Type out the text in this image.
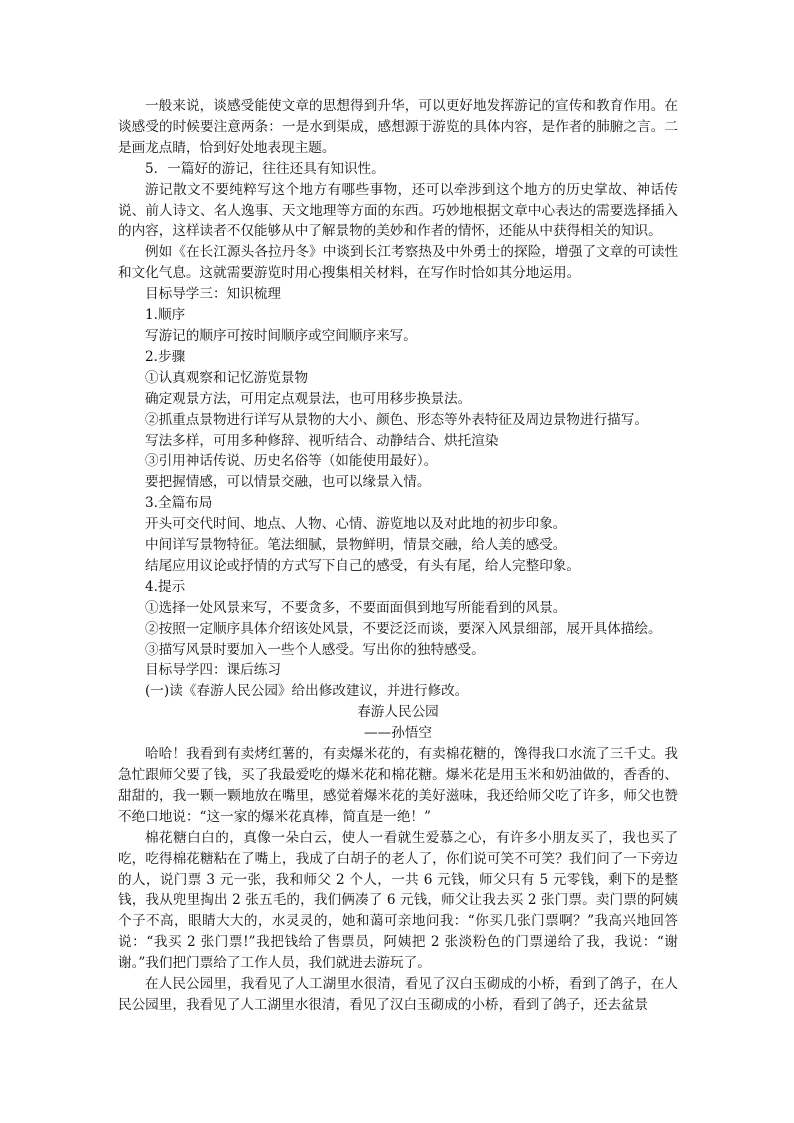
一般来说，谈感受能使文章的思想得到升华，可以更好地发挥游记的宣传和教育作用。在谈感受的时候要注意两条：一是水到渠成，感想源于游览的具体内容，是作者的肺腑之言。二是画龙点睛，恰到好处地表现主题。

5．一篇好的游记，往往还具有知识性。

游记散文不要纯粹写这个地方有哪些事物，还可以牵涉到这个地方的历史掌故、神话传说、前人诗文、名人逸事、天文地理等方面的东西。巧妙地根据文章中心表达的需要选择插入的内容，这样读者不仅能够从中了解景物的美妙和作者的情怀，还能从中获得相关的知识。

例如《在长江源头各拉丹冬》中谈到长江考察热及中外勇士的探险，增强了文章的可读性和文化气息。这就需要游览时用心搜集相关材料，在写作时恰如其分地运用。

目标导学三：知识梳理

1.顺序

写游记的顺序可按时间顺序或空间顺序来写。

2.步骤

①认真观察和记忆游览景物

确定观景方法，可用定点观景法，也可用移步换景法。

②抓重点景物进行详写从景物的大小、颜色、形态等外表特征及周边景物进行描写。

写法多样，可用多种修辞、视听结合、动静结合、烘托渲染

③引用神话传说、历史名俗等（如能使用最好）。

要把握情感，可以情景交融，也可以缘景入情。

3.全篇布局

开头可交代时间、地点、人物、心情、游览地以及对此地的初步印象。

中间详写景物特征。笔法细腻，景物鲜明，情景交融，给人美的感受。

结尾应用议论或抒情的方式写下自己的感受，有头有尾，给人完整印象。

4.提示

①选择一处风景来写，不要贪多，不要面面俱到地写所能看到的风景。

②按照一定顺序具体介绍该处风景，不要泛泛而谈，要深入风景细部，展开具体描绘。

③描写风景时要加入一些个人感受。写出你的独特感受。

目标导学四：课后练习

(一)读《春游人民公园》给出修改建议，并进行修改。

春游人民公园

——孙悟空

哈哈！我看到有卖烤红薯的，有卖爆米花的，有卖棉花糖的，馋得我口水流了三千丈。我急忙跟师父要了钱，买了我最爱吃的爆米花和棉花糖。爆米花是用玉米和奶油做的，香香的、甜甜的，我一颗一颗地放在嘴里，感觉着爆米花的美好滋味，我还给师父吃了许多，师父也赞不绝口地说：“这一家的爆米花真棒，简直是一绝！”

棉花糖白白的，真像一朵白云，使人一看就生爱慕之心，有许多小朋友买了，我也买了吃，吃得棉花糖粘在了嘴上，我成了白胡子的老人了，你们说可笑不可笑？我们问了一下旁边的人，说门票 3 元一张，我和师父 2 个人，一共 6 元钱，师父只有 5 元零钱，剩下的是整钱，我从兜里掏出 2 张五毛的，我们俩凑了 6 元钱，师父让我去买 2 张门票。卖门票的阿姨个子不高，眼睛大大的，水灵灵的，她和蔼可亲地问我：“你买几张门票啊？”我高兴地回答说：“我买 2 张门票!”我把钱给了售票员，阿姨把 2 张淡粉色的门票递给了我，我说：“谢谢。”我们把门票给了工作人员，我们就进去游玩了。

在人民公园里，我看见了人工湖里水很清，看见了汉白玉砌成的小桥，看到了鸽子，在人民公园里，我看见了人工湖里水很清，看见了汉白玉砌成的小桥，看到了鸽子，还去盆景
